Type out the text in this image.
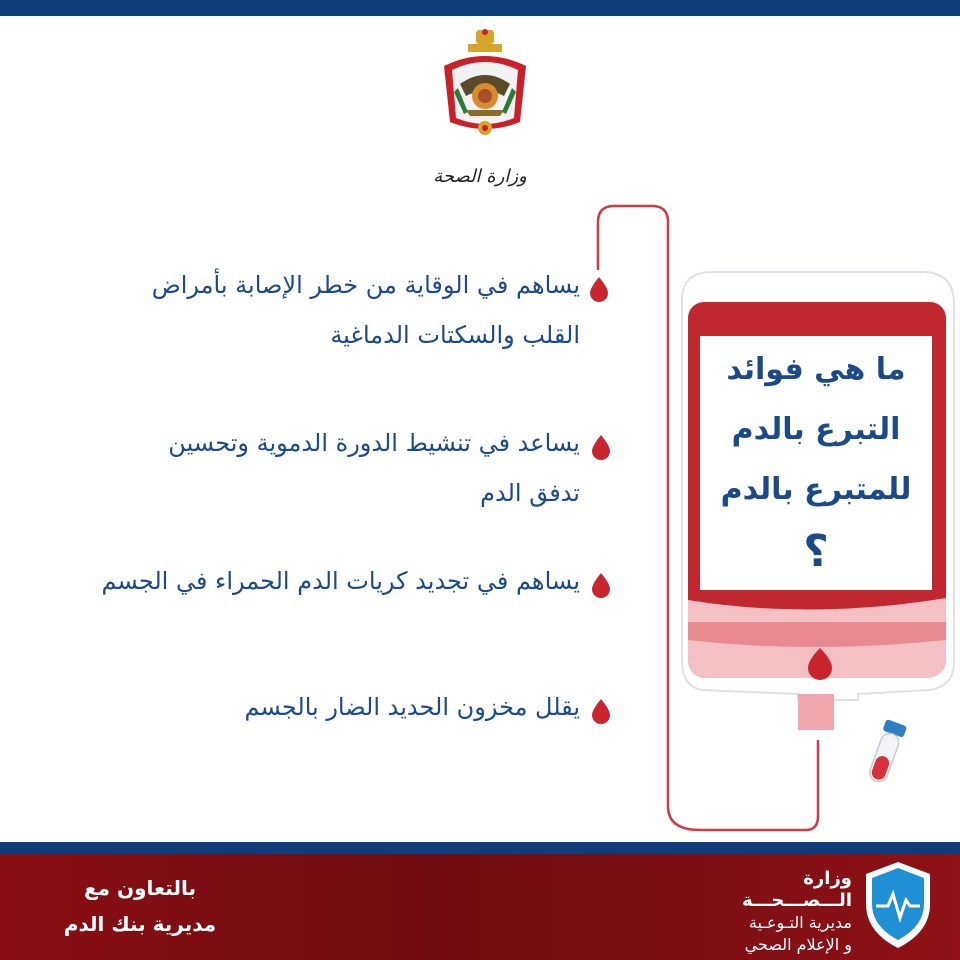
وزارة الصحة
يساهم في الوقاية من خطر الإصابة بأمراض
القلب والسكتات الدماغية
يساعد في تنشيط الدورة الدموية وتحسين
تدفق الدم
يساهم في تجديد كريات الدم الحمراء في الجسم
يقلل مخزون الحديد الضار بالجسم
ما هي فوائد
التبرع بالدم
للمتبرع بالدم
؟
بالتعاون مع
مديرية بنك الدم
وزارة الـــصـــحـــة
مديرية التـوعـية
و الإعلام الصحي
